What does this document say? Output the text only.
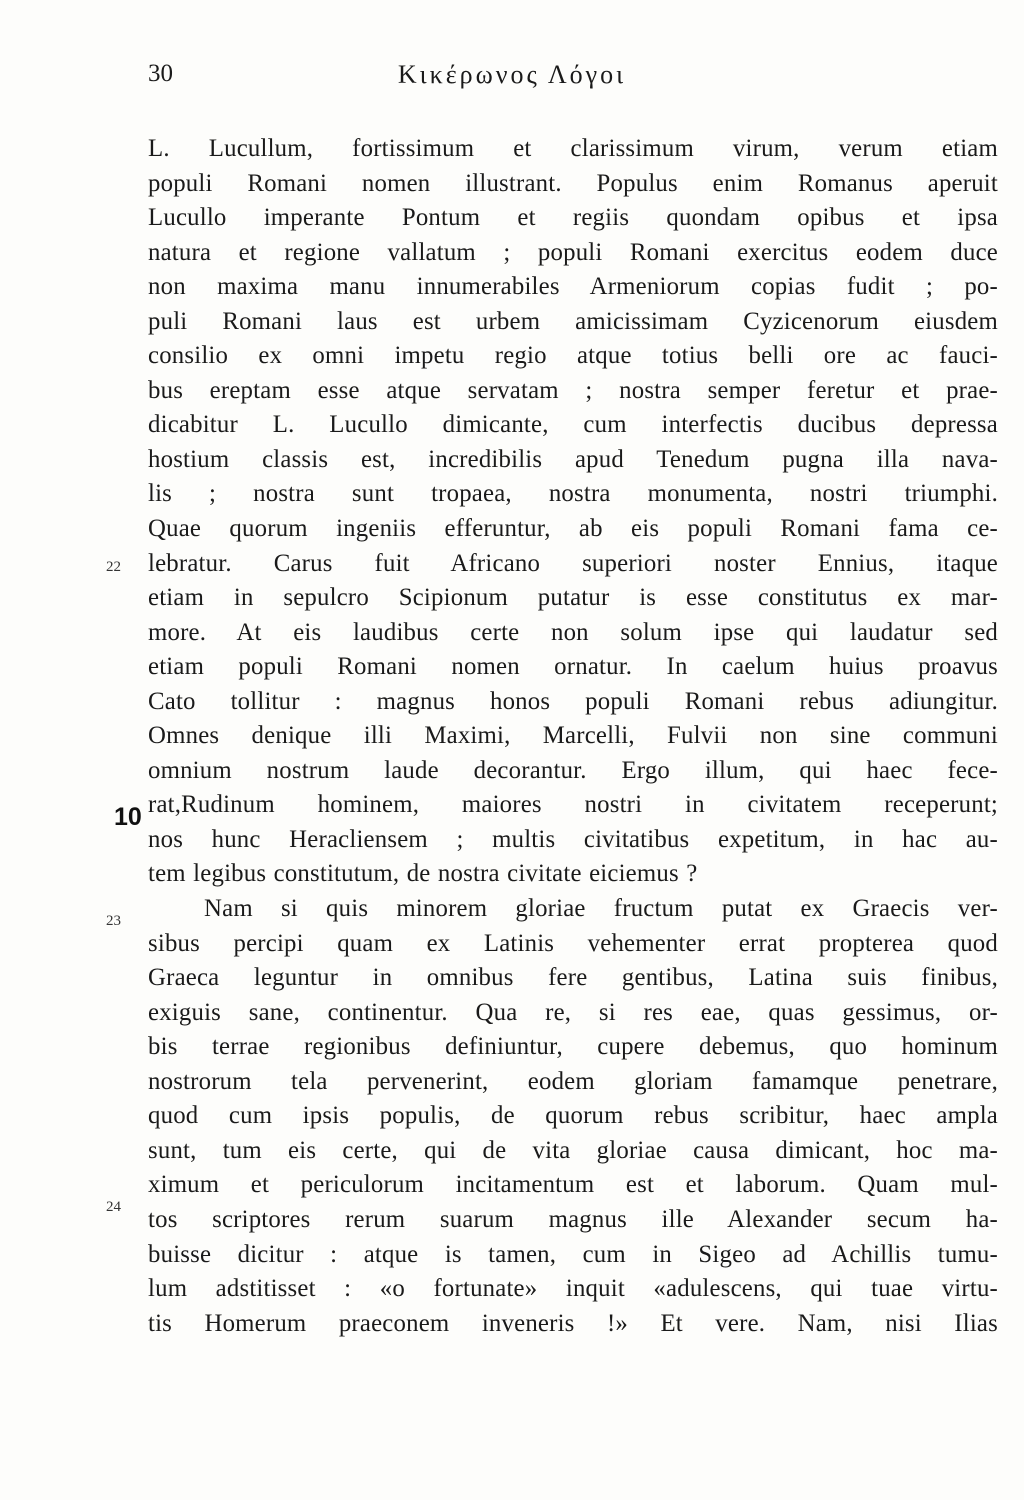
30	Κικέρωνος Λόγοι
L. Lucullum, fortissimum et clarissimum virum, verum etiam
populi Romani nomen illustrant. Populus enim Romanus aperuit
Lucullo imperante Pontum et regiis quondam opibus et ipsa
natura et regione vallatum ; populi Romani exercitus eodem duce
non maxima manu innumerabiles Armeniorum copias fudit ; po-
puli Romani laus est urbem amicissimam Cyzicenorum eiusdem
consilio ex omni impetu regio atque totius belli ore ac fauci-
bus ereptam esse atque servatam ; nostra semper feretur et prae-
dicabitur L. Lucullo dimicante, cum interfectis ducibus depressa
hostium classis est, incredibilis apud Tenedum pugna illa nava-
lis ; nostra sunt tropaea, nostra monumenta, nostri triumphi.
Quae quorum ingeniis efferuntur, ab eis populi Romani fama ce-
lebratur. Carus fuit Africano superiori noster Ennius, itaque
etiam in sepulcro Scipionum putatur is esse constitutus ex mar-
more. At eis laudibus certe non solum ipse qui laudatur sed
etiam populi Romani nomen ornatur. In caelum huius proavus
Cato tollitur : magnus honos populi Romani rebus adiungitur.
Omnes denique illi Maximi, Marcelli, Fulvii non sine communi
omnium nostrum laude decorantur. Ergo illum, qui haec fece-
rat,Rudinum hominem, maiores nostri in civitatem receperunt;
nos hunc Heracliensem ; multis civitatibus expetitum, in hac au-
tem legibus constitutum, de nostra civitate eiciemus ?
Nam si quis minorem gloriae fructum putat ex Graecis ver-
sibus percipi quam ex Latinis vehementer errat propterea quod
Graeca leguntur in omnibus fere gentibus, Latina suis finibus,
exiguis sane, continentur. Qua re, si res eae, quas gessimus, or-
bis terrae regionibus definiuntur, cupere debemus, quo hominum
nostrorum tela pervenerint, eodem gloriam famamque penetrare,
quod cum ipsis populis, de quorum rebus scribitur, haec ampla
sunt, tum eis certe, qui de vita gloriae causa dimicant, hoc ma-
ximum et periculorum incitamentum est et laborum. Quam mul-
tos scriptores rerum suarum magnus ille Alexander secum ha-
buisse dicitur : atque is tamen, cum in Sigeo ad Achillis tumu-
lum adstitisset : «o fortunate» inquit «adulescens, qui tuae virtu-
tis Homerum praeconem inveneris !» Et vere. Nam, nisi Ilias
22
10
23
24
